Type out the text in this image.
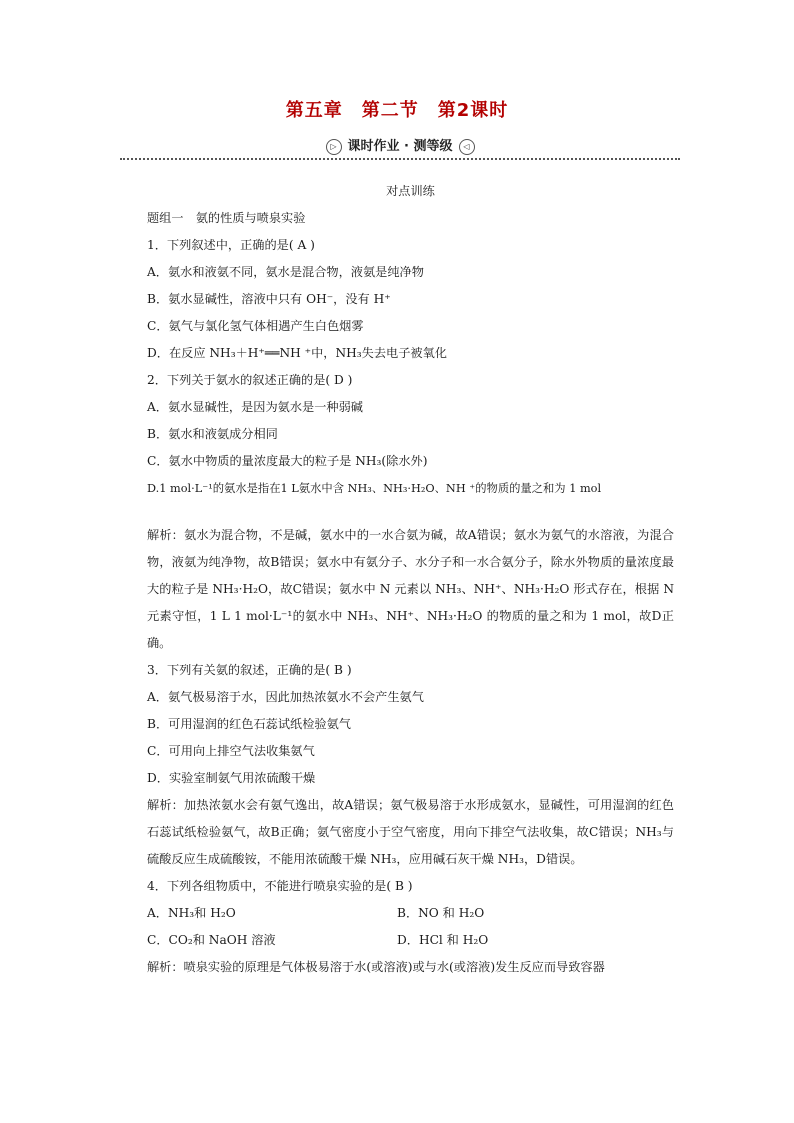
第五章　第二节　第2课时
▷ 课时作业 · 测等级 ◁
对点训练
题组一　氨的性质与喷泉实验
1．下列叙述中，正确的是( A )
A．氨水和液氨不同，氨水是混合物，液氨是纯净物
B．氨水显碱性，溶液中只有 OH⁻，没有 H⁺
C．氨气与氯化氢气体相遇产生白色烟雾
D．在反应 NH₃＋H⁺══NH ⁺中，NH₃失去电子被氧化
2．下列关于氨水的叙述正确的是( D )
A．氨水显碱性，是因为氨水是一种弱碱
B．氨水和液氨成分相同
C．氨水中物质的量浓度最大的粒子是 NH₃(除水外)
D.1 mol·L⁻¹的氨水是指在1 L氨水中含 NH₃、NH₃·H₂O、NH ⁺的物质的量之和为 1 mol
解析：氨水为混合物，不是碱，氨水中的一水合氨为碱，故A错误；氨水为氨气的水溶液，为混合物，液氨为纯净物，故B错误；氨水中有氨分子、水分子和一水合氨分子，除水外物质的量浓度最大的粒子是 NH₃·H₂O，故C错误；氨水中 N 元素以 NH₃、NH⁺、NH₃·H₂O 形式存在，根据 N 元素守恒，1 L 1 mol·L⁻¹的氨水中 NH₃、NH⁺、NH₃·H₂O 的物质的量之和为 1 mol，故D正确。
3．下列有关氨的叙述，正确的是( B )
A．氨气极易溶于水，因此加热浓氨水不会产生氨气
B．可用湿润的红色石蕊试纸检验氨气
C．可用向上排空气法收集氨气
D．实验室制氨气用浓硫酸干燥
解析：加热浓氨水会有氨气逸出，故A错误；氨气极易溶于水形成氨水，显碱性，可用湿润的红色石蕊试纸检验氨气，故B正确；氨气密度小于空气密度，用向下排空气法收集，故C错误；NH₃与硫酸反应生成硫酸铵，不能用浓硫酸干燥 NH₃，应用碱石灰干燥 NH₃，D错误。
4．下列各组物质中，不能进行喷泉实验的是( B )
A．NH₃和 H₂O	B．NO 和 H₂O
C．CO₂和 NaOH 溶液	D．HCl 和 H₂O
解析：喷泉实验的原理是气体极易溶于水(或溶液)或与水(或溶液)发生反应而导致容器
